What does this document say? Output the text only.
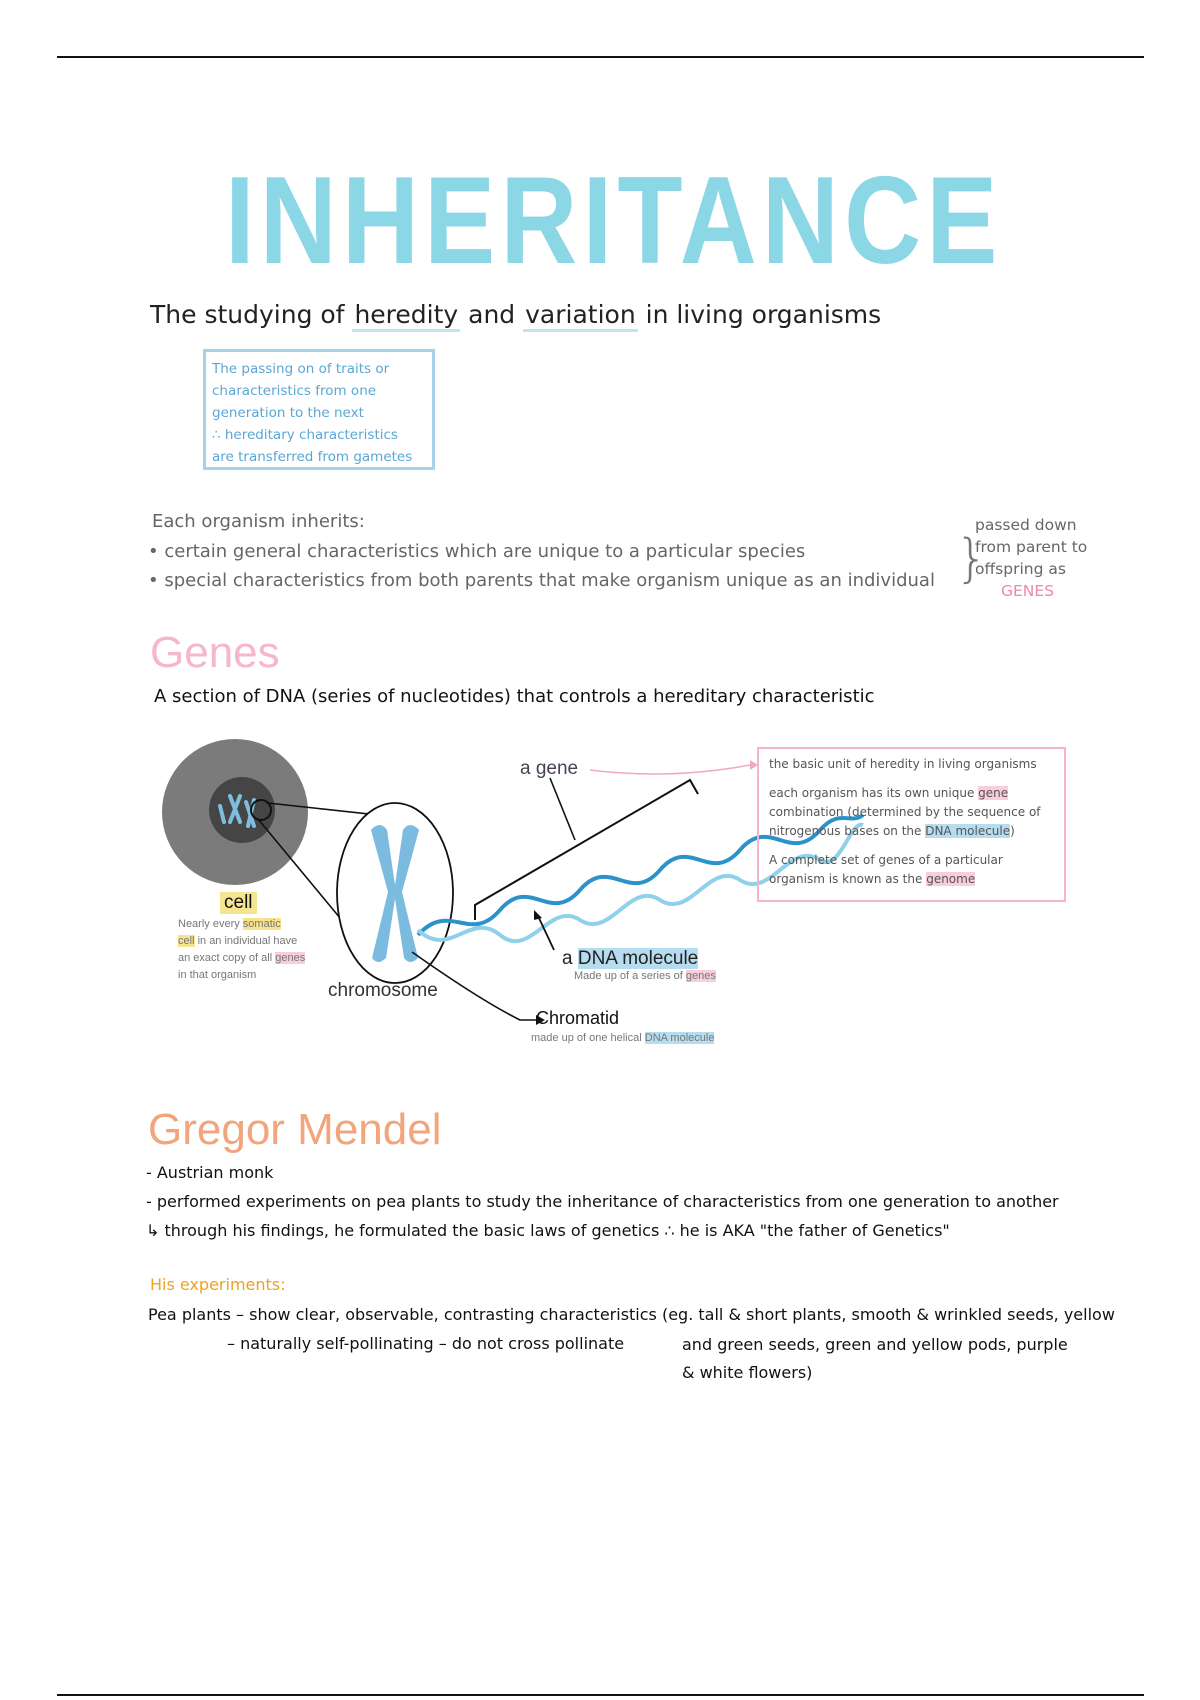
INHERITANCE
The studying of heredity and variation in living organisms
The passing on of traits or
characteristics from one
generation to the next
∴ hereditary characteristics
are transferred from gametes
Each organism inherits:
• certain general characteristics which are unique to a particular species
• special characteristics from both parents that make organism unique as an individual }
passed down
from parent to
offspring as
GENES
Genes
A section of DNA (series of nucleotides) that controls a hereditary characteristic
cell
Nearly every somatic
cell in an individual have
an exact copy of all genes
in that organism
chromosome
a gene
a DNA molecule
Made up of a series of genes
Chromatid
made up of one helical DNA molecule

the basic unit of heredity in living organisms

each organism has its own unique gene combination (determined by the sequence of nitrogenous bases on the DNA molecule)

A complete set of genes of a particular organism is known as the genome

Gregor Mendel
- Austrian monk
- performed experiments on pea plants to study the inheritance of characteristics from one generation to another
↳ through his findings, he formulated the basic laws of genetics ∴ he is AKA "the father of Genetics"
His experiments:
Pea plants – show clear, observable, contrasting characteristics (eg. tall & short plants, smooth & wrinkled seeds, yellow
– naturally self-pollinating – do not cross pollinate	and green seeds, green and yellow pods, purple & white flowers)
